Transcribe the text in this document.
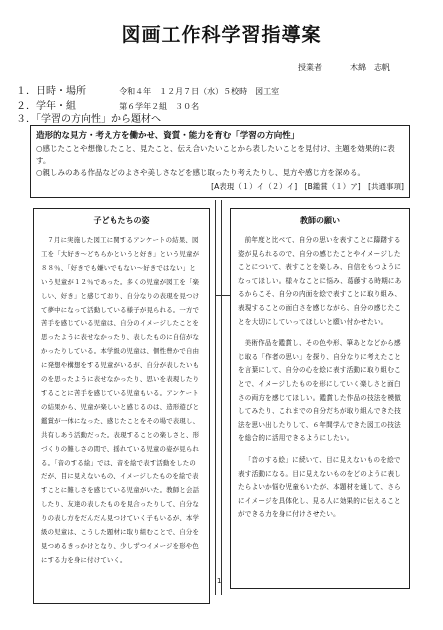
図画工作科学習指導案
授業者	木綿　志帆
１．日時・場所	令和４年　１２月７日（水）５校時　図工室
２．学年・組	第６学年２組　３０名
３．「学習の方向性」から題材へ
造形的な見方・考え方を働かせ、資質・能力を育む「学習の方向性」
○感じたことや想像したこと、見たこと、伝え合いたいことから表したいことを見付け、主題を効果的に表す。
○親しみのある作品などのよさや美しさなどを感じ取ったり考えたりし、見方や感じ方を深める。
[A表現（１）イ（２）イ]　[B鑑賞（１）ア]　[共通事項]
子どもたちの姿

７月に実施した図工に関するアンケートの結果、図工を「大好き〜どちらかというと好き」という児童が８８％、「好きでも嫌いでもない〜好きではない」という児童が１２％であった。多くの児童が図工を「楽しい、好き」と感じており、自分なりの表現を見つけて夢中になって活動している様子が見られる。一方で苦手を感じている児童は、自分のイメージしたことを思ったように表せなかったり、表したものに自信がなかったりしている。本学級の児童は、個性豊かで自由に発想や構想をする児童がいるが、自分が表したいものを思ったように表せなかったり、思いを表現したりすることに苦手を感じている児童もいる。アンケートの結果から、児童が楽しいと感じるのは、造形遊びと鑑賞が一体になった、感じたことをその場で表現し、共有しあう活動だった。表現することの楽しさと、形づくりの難しさの間で、揺れている児童の姿が見られる。「音のする絵」では、音を絵で表す活動をしたのだが、目に見えないもの、イメージしたものを絵で表すことに難しさを感じている児童がいた。教師と会話したり、友達の表したものを見合ったりして、自分なりの表し方をだんだん見つけていく子もいるが、本学級の児童は、こうした題材に取り組むことで、自分を見つめるきっかけとなり、少しずつイメージを形や色にする力を身に付けていく。

教師の願い

前年度と比べて、自分の思いを表すことに躊躇する姿が見られるので、自分の感じたことやイメージしたことについて、表すことを楽しみ、自信をもつようになってほしい。様々なことに悩み、葛藤する時期にあるからこそ、自分の内面を絵で表すことに取り組み、表現することの面白さを感じながら、自分の感じたことを大切にしていってほしいと願い付かせたい。

美術作品を鑑賞し、その色や形、筆あとなどから感じ取る「作者の思い」を探り、自分なりに考えたことを言葉にして、自分の心を絵に表す活動に取り組むことで、イメージしたものを形にしていく楽しさと面白さの両方を感じてほしい。鑑賞した作品の技法を模倣してみたり、これまでの自分だちが取り組んできた技法を思い出したりして、６年間学んできた図工の技法を総合的に活用できるようにしたい。

「音のする絵」に続いて、目に見えないものを絵で表す活動になる。目に見えないものをどのように表したらよいか悩む児童もいたが、本題材を通して、さらにイメージを具体化し、見る人に効果的に伝えることができる力を身に付けさせたい。

1
